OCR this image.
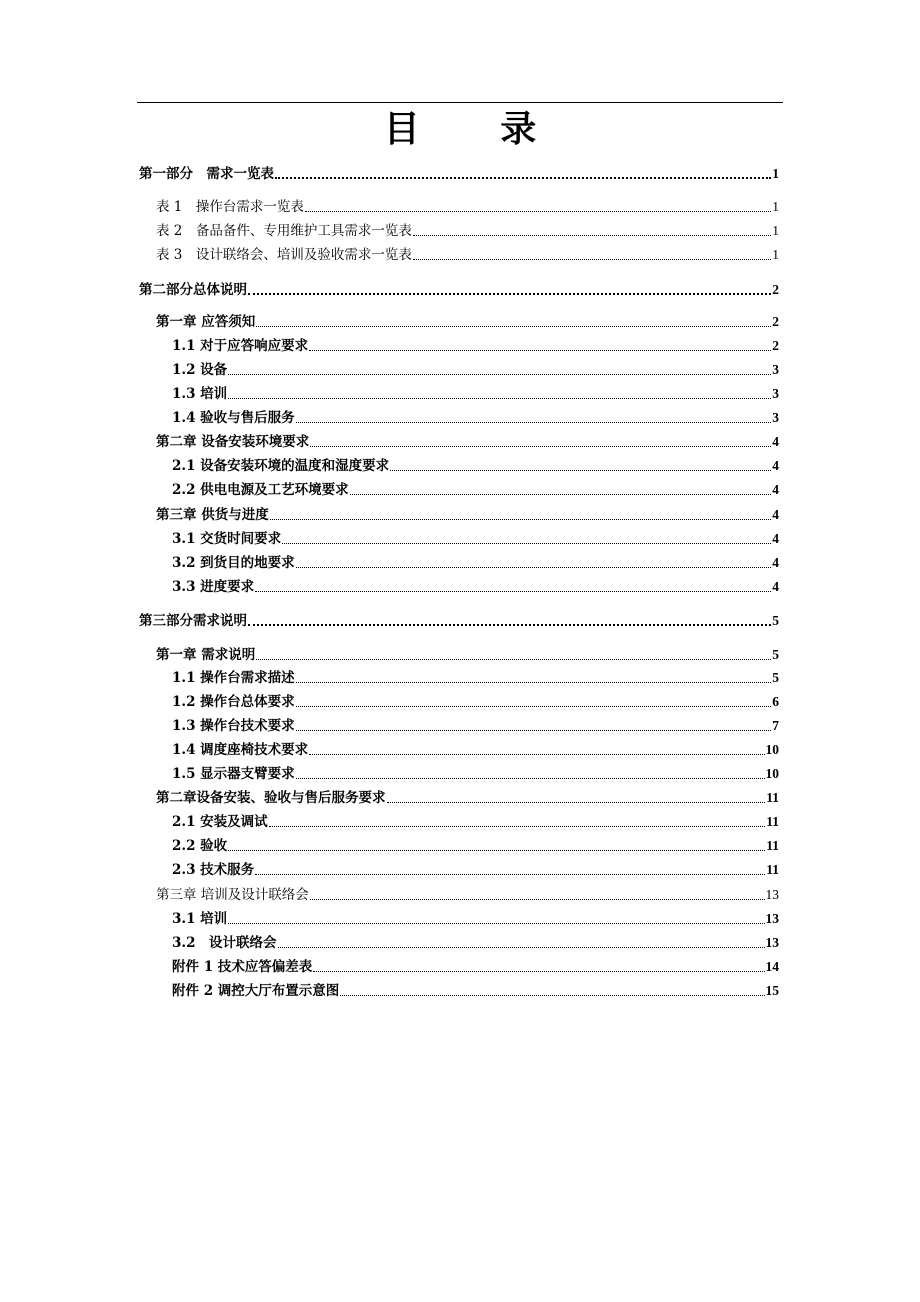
目 录
第一部分　需求一览表	1
表 1　操作台需求一览表	1
表 2　备品备件、专用维护工具需求一览表	1
表 3　设计联络会、培训及验收需求一览表	1
第二部分总体说明	2
第一章 应答须知	2
1.1 对于应答响应要求	2
1.2 设备	3
1.3 培训	3
1.4 验收与售后服务	3
第二章 设备安装环境要求	4
2.1 设备安装环境的温度和湿度要求	4
2.2 供电电源及工艺环境要求	4
第三章 供货与进度	4
3.1 交货时间要求	4
3.2 到货目的地要求	4
3.3 进度要求	4
第三部分需求说明	5
第一章 需求说明	5
1.1 操作台需求描述	5
1.2 操作台总体要求	6
1.3 操作台技术要求	7
1.4 调度座椅技术要求	10
1.5 显示器支臂要求	10
第二章设备安装、验收与售后服务要求	11
2.1 安装及调试	11
2.2 验收	11
2.3 技术服务	11
第三章 培训及设计联络会	13
3.1 培训	13
3.2　设计联络会	13
附件 1 技术应答偏差表	14
附件 2 调控大厅布置示意图	15
